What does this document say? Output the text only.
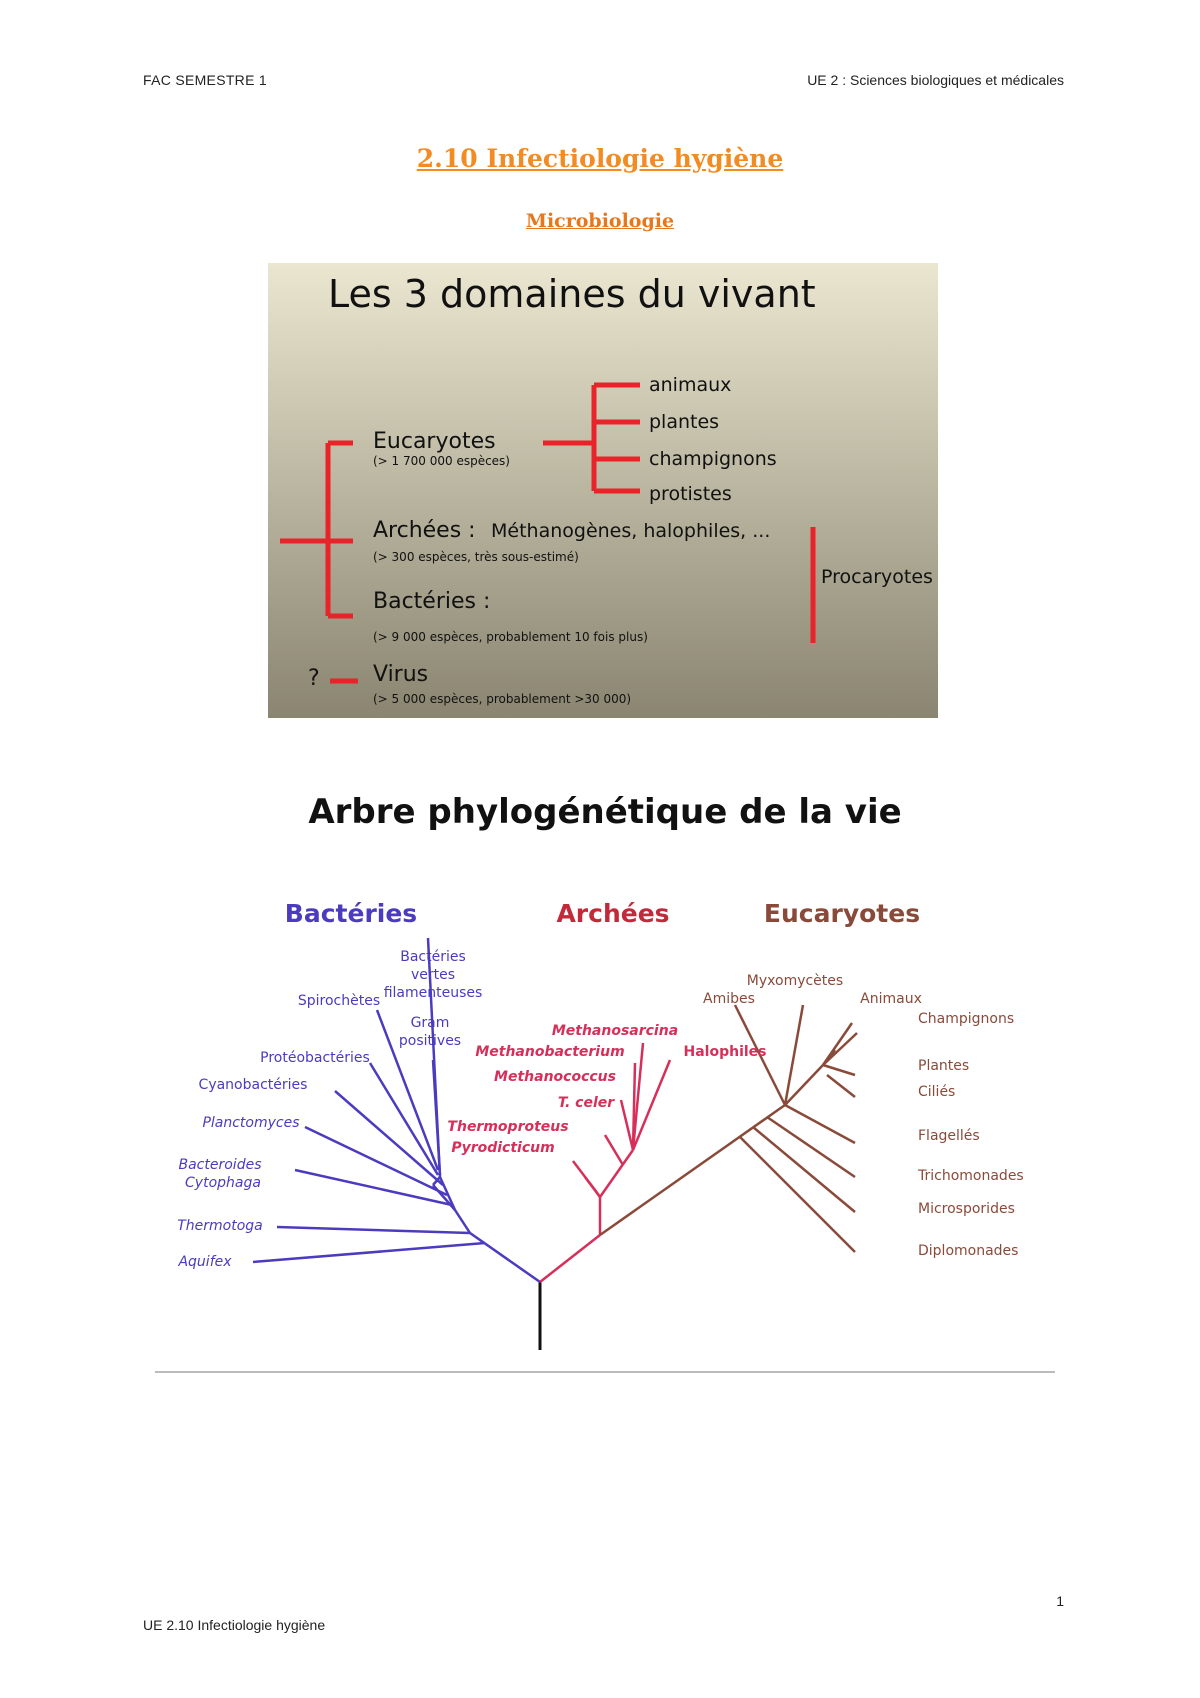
FAC SEMESTRE 1	UE 2 : Sciences biologiques et médicales
2.10 Infectiologie hygiène
Microbiologie
Les 3 domaines du vivant
Eucaryotes
(> 1 700 000 espèces)
Archées : Méthanogènes, halophiles, ...
(> 300 espèces, très sous-estimé)
Bactéries :
(> 9 000 espèces, probablement 10 fois plus)
Virus
(> 5 000 espèces, probablement >30 000)
?
animaux
plantes
champignons
protistes
Procaryotes
Arbre phylogénétique de la vie
Bactéries	Archées	Eucaryotes
Bactéries
vertes
filamenteuses
Spirochètes
Gram
positives
Protéobactéries
Cyanobactéries
Planctomyces
Bacteroides
Cytophaga
Thermotoga
Aquifex
Methanosarcina
Methanobacterium	Halophiles
Methanococcus
T. celer
Thermoproteus
Pyrodicticum
Myxomycètes
Amibes	Animaux
Champignons
Plantes
Ciliés
Flagellés
Trichomonades
Microsporides
Diplomonades
1
UE 2.10 Infectiologie hygiène
